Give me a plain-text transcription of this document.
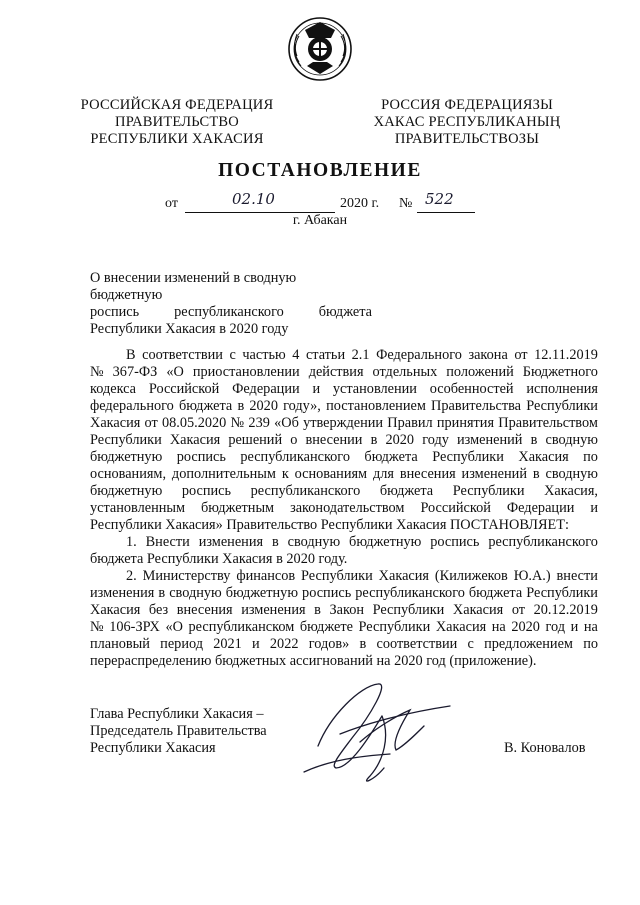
РОССИЙСКАЯ ФЕДЕРАЦИЯ
ПРАВИТЕЛЬСТВО
РЕСПУБЛИКИ ХАКАСИЯ
РОССИЯ ФЕДЕРАЦИЯЗЫ
ХАКАС РЕСПУБЛИКАНЫҢ
ПРАВИТЕЛЬСТВОЗЫ
ПОСТАНОВЛЕНИЕ
от	02.10	2020 г. № 522
г. Абакан
О внесении изменений в сводную бюджетную
роспись республиканского бюджета
Республики Хакасия в 2020 году
В соответствии с частью 4 статьи 2.1 Федерального закона от 12.11.2019
№ 367-ФЗ «О приостановлении действия отдельных положений Бюджетного
кодекса Российской Федерации и установлении особенностей исполнения
федерального бюджета в 2020 году», постановлением Правительства Республики
Хакасия от 08.05.2020 № 239 «Об утверждении Правил принятия Правительством
Республики Хакасия решений о внесении в 2020 году изменений в сводную
бюджетную роспись республиканского бюджета Республики Хакасия по
основаниям, дополнительным к основаниям для внесения изменений в сводную
бюджетную роспись республиканского бюджета Республики Хакасия,
установленным бюджетным законодательством Российской Федерации и
Республики Хакасия» Правительство Республики Хакасия ПОСТАНОВЛЯЕТ:
1. Внести изменения в сводную бюджетную роспись республиканского
бюджета Республики Хакасия в 2020 году.
2. Министерству финансов Республики Хакасия (Килижеков Ю.А.) внести
изменения в сводную бюджетную роспись республиканского бюджета Республики
Хакасия без внесения изменения в Закон Республики Хакасия от 20.12.2019
№ 106-ЗРХ «О республиканском бюджете Республики Хакасия на 2020 год и на
плановый период 2021 и 2022 годов» в соответствии с предложением по
перераспределению бюджетных ассигнований на 2020 год (приложение).
Глава Республики Хакасия –
Председатель Правительства
Республики Хакасия	В. Коновалов
